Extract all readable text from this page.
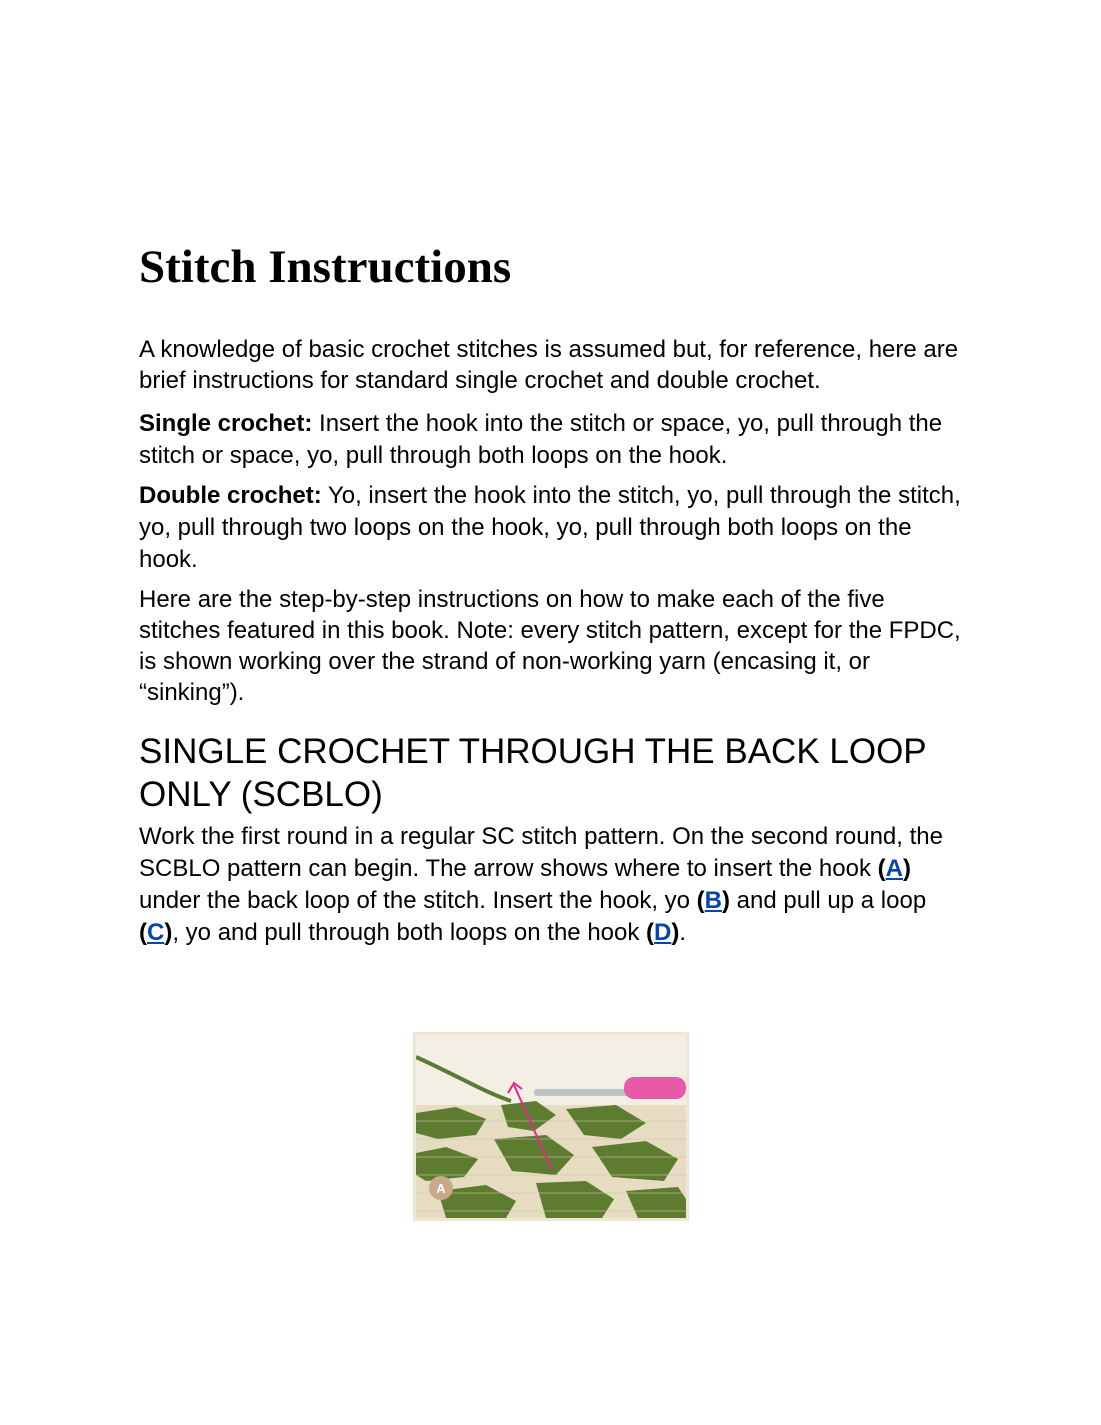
Stitch Instructions

A knowledge of basic crochet stitches is assumed but, for reference, here are brief instructions for standard single crochet and double crochet.

Single crochet: Insert the hook into the stitch or space, yo, pull through the stitch or space, yo, pull through both loops on the hook.

Double crochet: Yo, insert the hook into the stitch, yo, pull through the stitch, yo, pull through two loops on the hook, yo, pull through both loops on the hook.

Here are the step-by-step instructions on how to make each of the five stitches featured in this book. Note: every stitch pattern, except for the FPDC, is shown working over the strand of non-working yarn (encasing it, or “sinking”).

SINGLE CROCHET THROUGH THE BACK LOOP ONLY (SCBLO)

Work the first round in a regular SC stitch pattern. On the second round, the SCBLO pattern can begin. The arrow shows where to insert the hook (A) under the back loop of the stitch. Insert the hook, yo (B) and pull up a loop (C), yo and pull through both loops on the hook (D).

A
